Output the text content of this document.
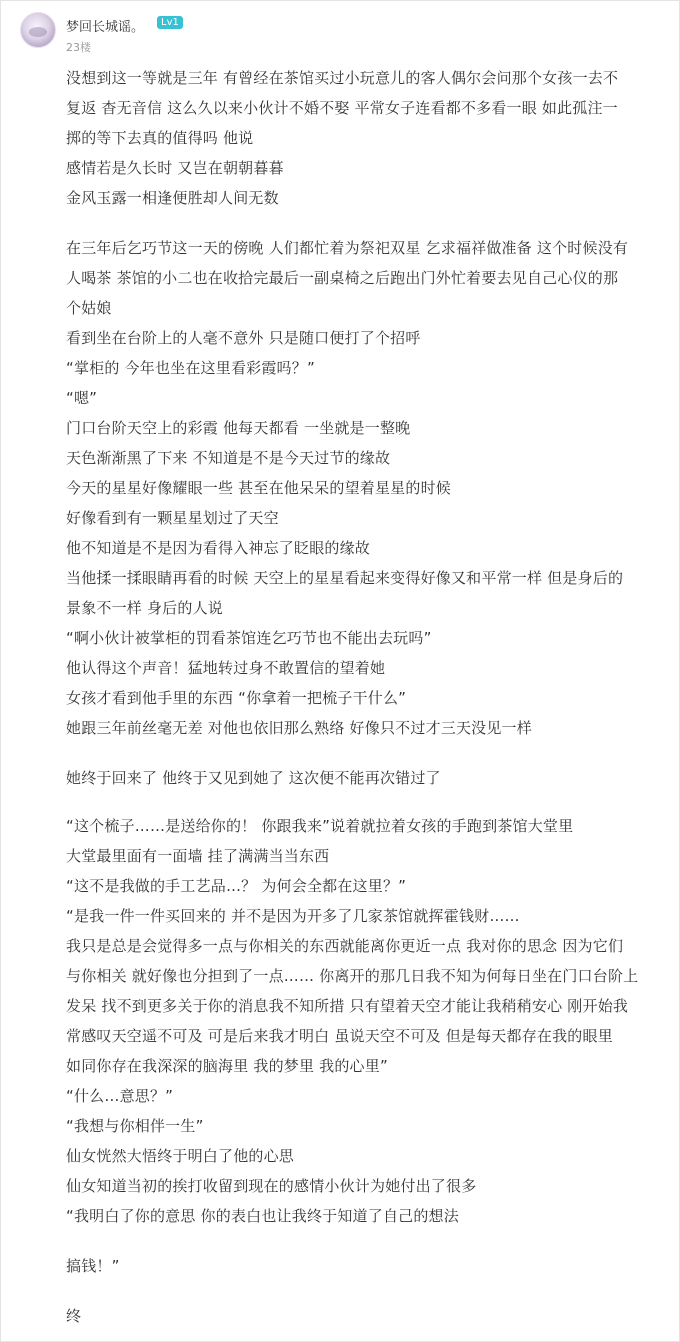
梦回长城谣。	Lv1
23楼
没想到这一等就是三年 有曾经在茶馆买过小玩意儿的客人偶尔会问那个女孩一去不
复返 杳无音信 这么久以来小伙计不婚不娶 平常女子连看都不多看一眼 如此孤注一
掷的等下去真的值得吗 他说
感情若是久长时 又岂在朝朝暮暮
金风玉露一相逢便胜却人间无数
在三年后乞巧节这一天的傍晚 人们都忙着为祭祀双星 乞求福祥做准备 这个时候没有
人喝茶 茶馆的小二也在收拾完最后一副桌椅之后跑出门外忙着要去见自己心仪的那
个姑娘
看到坐在台阶上的人毫不意外 只是随口便打了个招呼
“掌柜的 今年也坐在这里看彩霞吗？”
“嗯”
门口台阶天空上的彩霞 他每天都看 一坐就是一整晚
天色渐渐黑了下来 不知道是不是今天过节的缘故
今天的星星好像耀眼一些 甚至在他呆呆的望着星星的时候
好像看到有一颗星星划过了天空
他不知道是不是因为看得入神忘了眨眼的缘故
当他揉一揉眼睛再看的时候 天空上的星星看起来变得好像又和平常一样 但是身后的
景象不一样 身后的人说
“啊小伙计被掌柜的罚看茶馆连乞巧节也不能出去玩吗”
他认得这个声音！猛地转过身不敢置信的望着她
女孩才看到他手里的东西 “你拿着一把梳子干什么”
她跟三年前丝毫无差 对他也依旧那么熟络 好像只不过才三天没见一样
她终于回来了 他终于又见到她了 这次便不能再次错过了
“这个梳子……是送给你的！ 你跟我来”说着就拉着女孩的手跑到茶馆大堂里
大堂最里面有一面墙 挂了满满当当东西
“这不是我做的手工艺品…？ 为何会全都在这里？”
“是我一件一件买回来的 并不是因为开多了几家茶馆就挥霍钱财……
我只是总是会觉得多一点与你相关的东西就能离你更近一点 我对你的思念 因为它们
与你相关 就好像也分担到了一点…… 你离开的那几日我不知为何每日坐在门口台阶上
发呆 找不到更多关于你的消息我不知所措 只有望着天空才能让我稍稍安心 刚开始我
常感叹天空遥不可及 可是后来我才明白 虽说天空不可及 但是每天都存在我的眼里
如同你存在我深深的脑海里 我的梦里 我的心里”
“什么…意思？”
“我想与你相伴一生”
仙女恍然大悟终于明白了他的心思
仙女知道当初的挨打收留到现在的感情小伙计为她付出了很多
“我明白了你的意思 你的表白也让我终于知道了自己的想法
搞钱！”
终
